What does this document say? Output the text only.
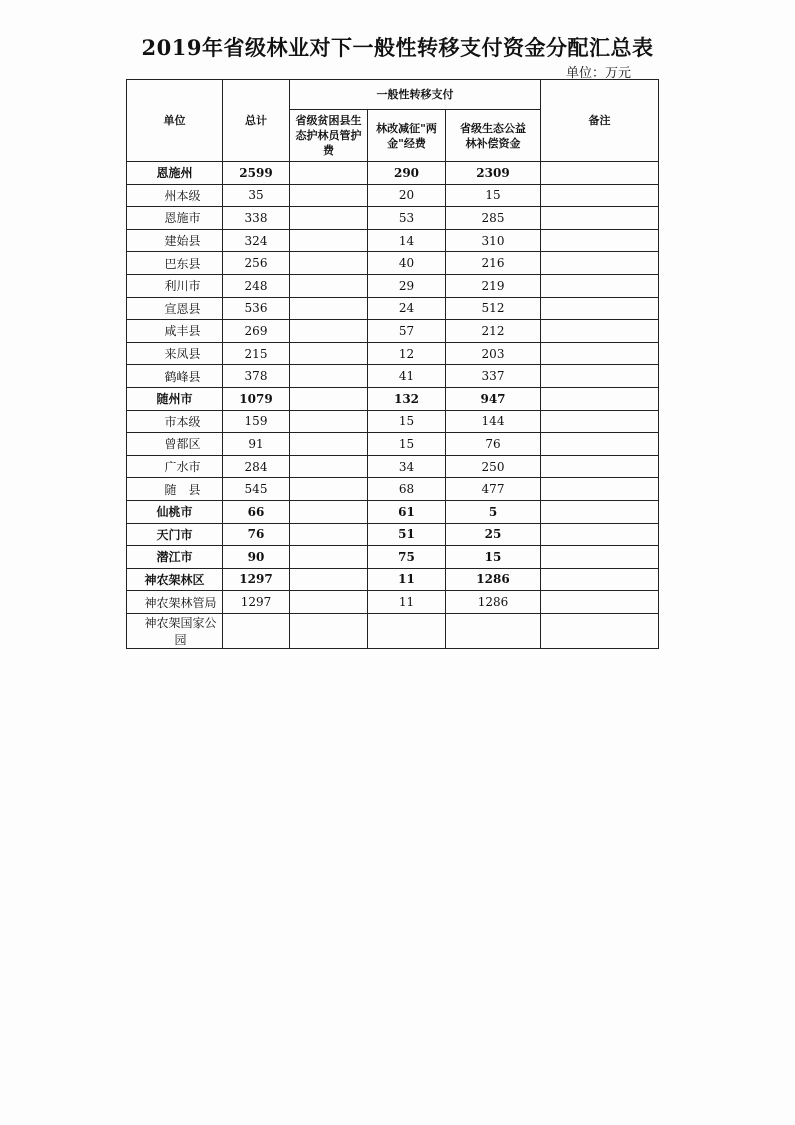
2019年省级林业对下一般性转移支付资金分配汇总表
单位：万元
单位	总计	一般性转移支付			备注
		省级贫困县生态护林员管护费	林改减征"两金"经费	省级生态公益林补偿资金	
恩施州	2599		290	2309	
州本级	35		20	15	
恩施市	338		53	285	
建始县	324		14	310	
巴东县	256		40	216	
利川市	248		29	219	
宣恩县	536		24	512	
咸丰县	269		57	212	
来凤县	215		12	203	
鹤峰县	378		41	337	
随州市	1079		132	947	
市本级	159		15	144	
曾都区	91		15	76	
广水市	284		34	250	
随　县	545		68	477	
仙桃市	66		61	5	
天门市	76		51	25	
潜江市	90		75	15	
神农架林区	1297		11	1286	
神农架林管局	1297		11	1286	
神农架国家公园					
